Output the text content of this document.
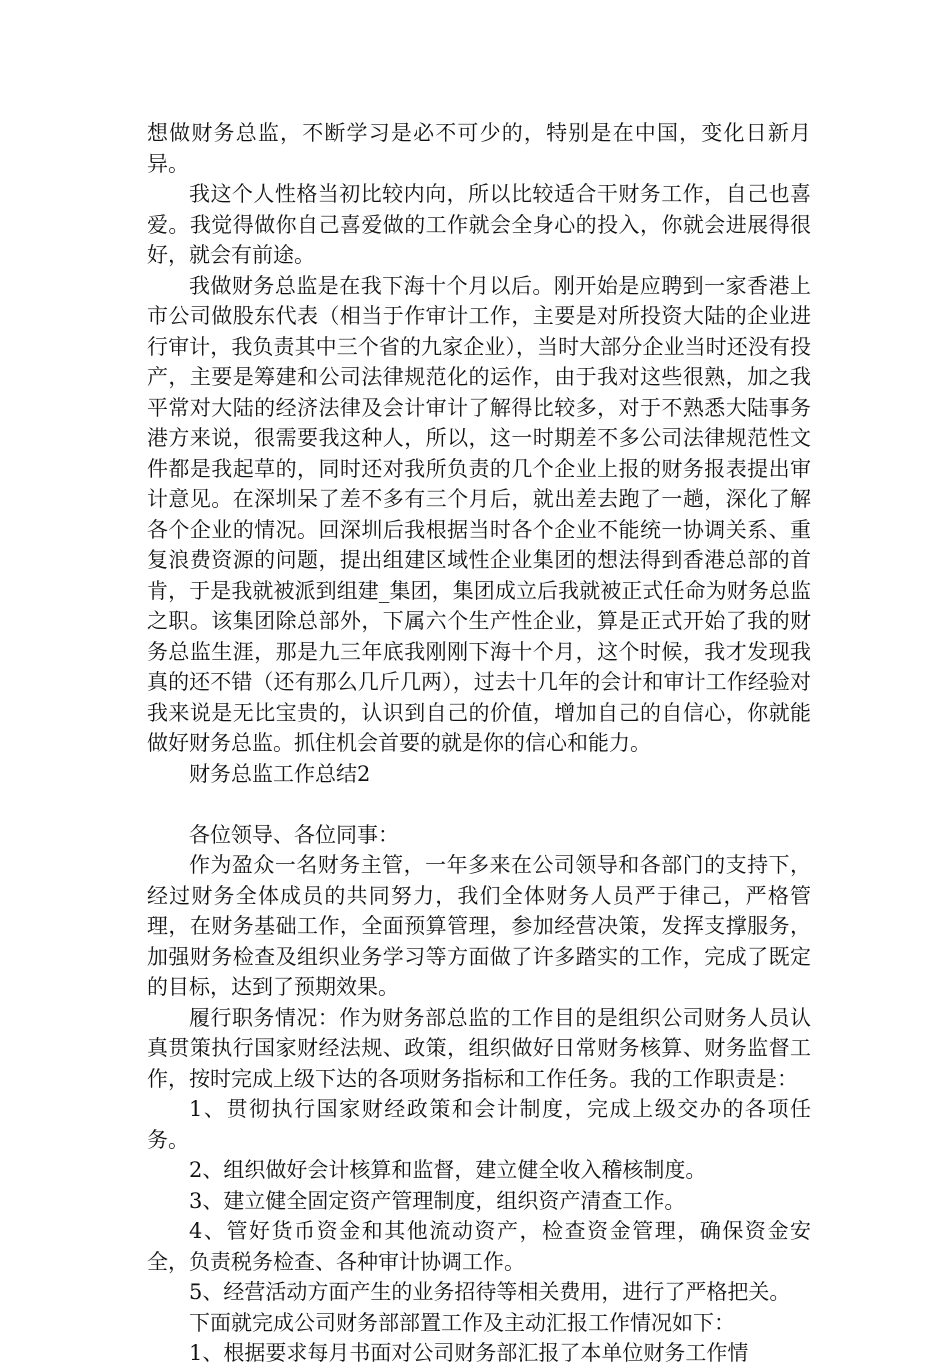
想做财务总监，不断学习是必不可少的，特别是在中国，变化日新月异。

我这个人性格当初比较内向，所以比较适合干财务工作，自己也喜爱。我觉得做你自己喜爱做的工作就会全身心的投入，你就会进展得很好，就会有前途。

我做财务总监是在我下海十个月以后。刚开始是应聘到一家香港上市公司做股东代表（相当于作审计工作，主要是对所投资大陆的企业进行审计，我负责其中三个省的九家企业），当时大部分企业当时还没有投产，主要是筹建和公司法律规范化的运作，由于我对这些很熟，加之我平常对大陆的经济法律及会计审计了解得比较多，对于不熟悉大陆事务港方来说，很需要我这种人，所以，这一时期差不多公司法律规范性文件都是我起草的，同时还对我所负责的几个企业上报的财务报表提出审计意见。在深圳呆了差不多有三个月后，就出差去跑了一趟，深化了解各个企业的情况。回深圳后我根据当时各个企业不能统一协调关系、重复浪费资源的问题，提出组建区域性企业集团的想法得到香港总部的首肯，于是我就被派到组建_集团，集团成立后我就被正式任命为财务总监之职。该集团除总部外，下属六个生产性企业，算是正式开始了我的财务总监生涯，那是九三年底我刚刚下海十个月，这个时候，我才发现我真的还不错（还有那么几斤几两），过去十几年的会计和审计工作经验对我来说是无比宝贵的，认识到自己的价值，增加自己的自信心，你就能做好财务总监。抓住机会首要的就是你的信心和能力。

财务总监工作总结2

各位领导、各位同事：

作为盈众一名财务主管，一年多来在公司领导和各部门的支持下，经过财务全体成员的共同努力，我们全体财务人员严于律己，严格管理，在财务基础工作，全面预算管理，参加经营决策，发挥支撑服务，加强财务检查及组织业务学习等方面做了许多踏实的工作，完成了既定的目标，达到了预期效果。

履行职务情况：作为财务部总监的工作目的是组织公司财务人员认真贯策执行国家财经法规、政策，组织做好日常财务核算、财务监督工作，按时完成上级下达的各项财务指标和工作任务。我的工作职责是：

1、贯彻执行国家财经政策和会计制度，完成上级交办的各项任务。

2、组织做好会计核算和监督，建立健全收入稽核制度。

3、建立健全固定资产管理制度，组织资产清查工作。

4、管好货币资金和其他流动资产，检查资金管理，确保资金安全，负责税务检查、各种审计协调工作。

5、经营活动方面产生的业务招待等相关费用，进行了严格把关。

下面就完成公司财务部部置工作及主动汇报工作情况如下：

1、根据要求每月书面对公司财务部汇报了本单位财务工作情
